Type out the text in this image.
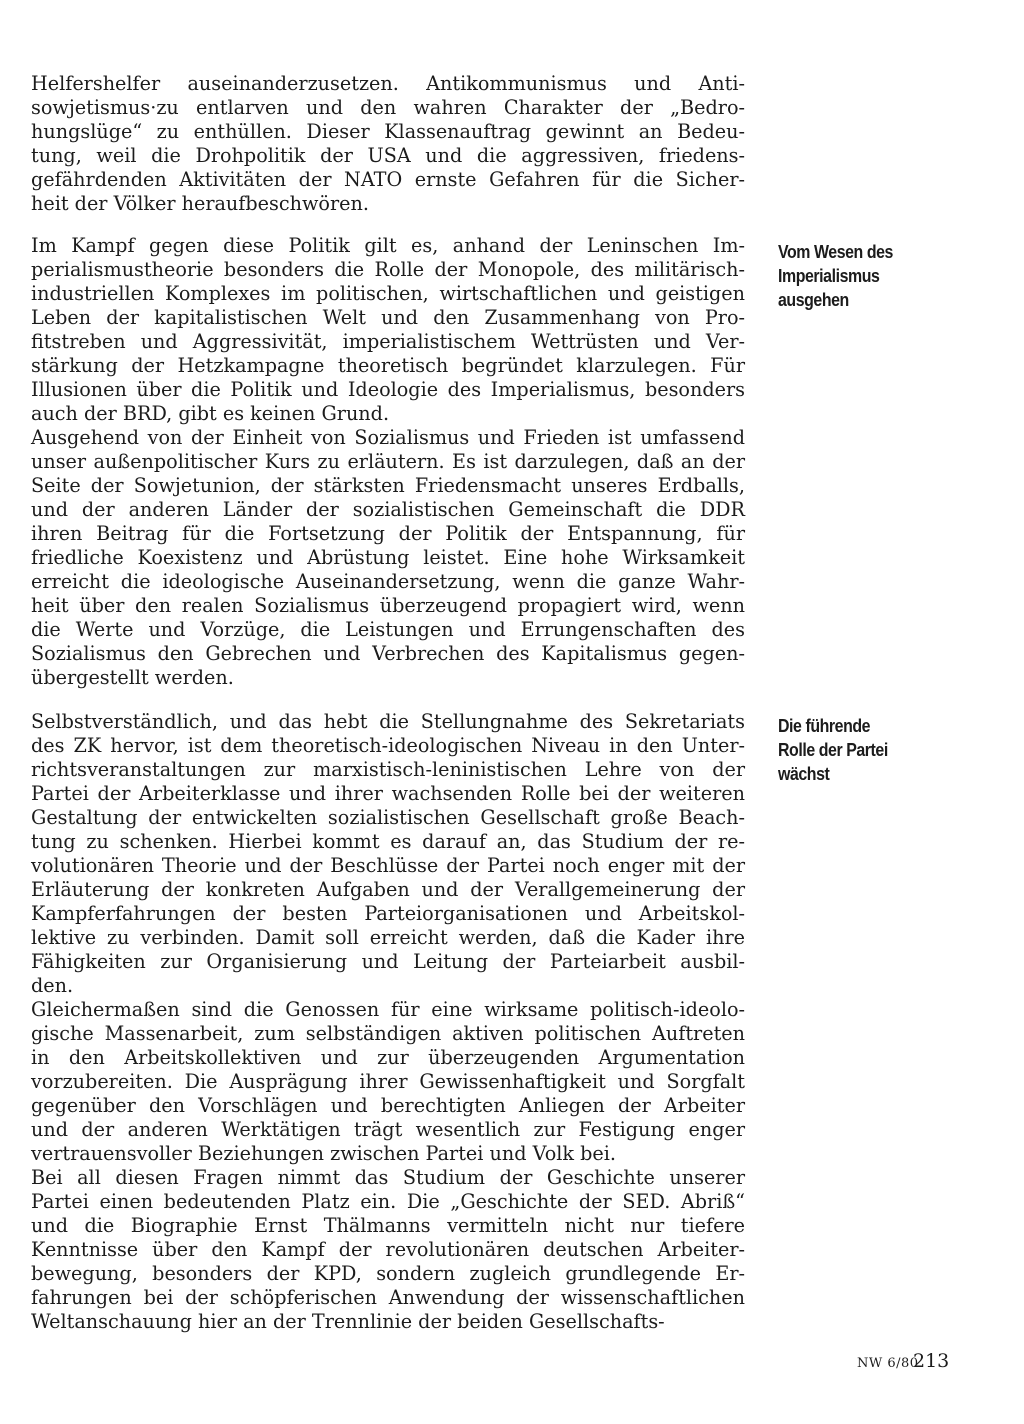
Helfershelfer auseinanderzusetzen. Antikommunismus und Anti-
sowjetismus·zu entlarven und den wahren Charakter der „Bedro-
hungslüge“ zu enthüllen. Dieser Klassenauftrag gewinnt an Bedeu-
tung, weil die Drohpolitik der USA und die aggressiven, friedens-
gefährdenden Aktivitäten der NATO ernste Gefahren für die Sicher-
heit der Völker heraufbeschwören.
Im Kampf gegen diese Politik gilt es, anhand der Leninschen Im-
perialismustheorie besonders die Rolle der Monopole, des militärisch-
industriellen Komplexes im politischen, wirtschaftlichen und geistigen
Leben der kapitalistischen Welt und den Zusammenhang von Pro-
fitstreben und Aggressivität, imperialistischem Wettrüsten und Ver-
stärkung der Hetzkampagne theoretisch begründet klarzulegen. Für
Illusionen über die Politik und Ideologie des Imperialismus, besonders
auch der BRD, gibt es keinen Grund.
Ausgehend von der Einheit von Sozialismus und Frieden ist umfassend
unser außenpolitischer Kurs zu erläutern. Es ist darzulegen, daß an der
Seite der Sowjetunion, der stärksten Friedensmacht unseres Erdballs,
und der anderen Länder der sozialistischen Gemeinschaft die DDR
ihren Beitrag für die Fortsetzung der Politik der Entspannung, für
friedliche Koexistenz und Abrüstung leistet. Eine hohe Wirksamkeit
erreicht die ideologische Auseinandersetzung, wenn die ganze Wahr-
heit über den realen Sozialismus überzeugend propagiert wird, wenn
die Werte und Vorzüge, die Leistungen und Errungenschaften des
Sozialismus den Gebrechen und Verbrechen des Kapitalismus gegen-
übergestellt werden.
Selbstverständlich, und das hebt die Stellungnahme des Sekretariats
des ZK hervor, ist dem theoretisch-ideologischen Niveau in den Unter-
richtsveranstaltungen zur marxistisch-leninistischen Lehre von der
Partei der Arbeiterklasse und ihrer wachsenden Rolle bei der weiteren
Gestaltung der entwickelten sozialistischen Gesellschaft große Beach-
tung zu schenken. Hierbei kommt es darauf an, das Studium der re-
volutionären Theorie und der Beschlüsse der Partei noch enger mit der
Erläuterung der konkreten Aufgaben und der Verallgemeinerung der
Kampferfahrungen der besten Parteiorganisationen und Arbeitskol-
lektive zu verbinden. Damit soll erreicht werden, daß die Kader ihre
Fähigkeiten zur Organisierung und Leitung der Parteiarbeit ausbil-
den.
Gleichermaßen sind die Genossen für eine wirksame politisch-ideolo-
gische Massenarbeit, zum selbständigen aktiven politischen Auftreten
in den Arbeitskollektiven und zur überzeugenden Argumentation
vorzubereiten. Die Ausprägung ihrer Gewissenhaftigkeit und Sorgfalt
gegenüber den Vorschlägen und berechtigten Anliegen der Arbeiter
und der anderen Werktätigen trägt wesentlich zur Festigung enger
vertrauensvoller Beziehungen zwischen Partei und Volk bei.
Bei all diesen Fragen nimmt das Studium der Geschichte unserer
Partei einen bedeutenden Platz ein. Die „Geschichte der SED. Abriß“
und die Biographie Ernst Thälmanns vermitteln nicht nur tiefere
Kenntnisse über den Kampf der revolutionären deutschen Arbeiter-
bewegung, besonders der KPD, sondern zugleich grundlegende Er-
fahrungen bei der schöpferischen Anwendung der wissenschaftlichen
Weltanschauung hier an der Trennlinie der beiden Gesellschafts-
Vom Wesen des
Imperialismus
ausgehen
Die führende
Rolle der Partei
wächst
NW 6/80
213
